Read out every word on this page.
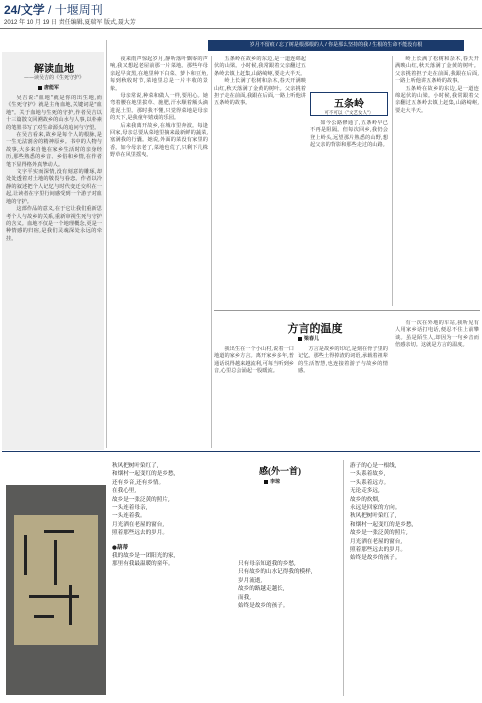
24/文学 / 十堰周刊
2012 年 10 月 19 日 责任编辑,夏瑞军 版式,聂大芳
岁月不留痕 / 忘了树是根那根的人 / 你是那么坚持的我 / 生根的生命不能没有根
解读血地
——读吴吉的《生死守护》
唐能军

吴吉说:"血地"就是你的出生地,而《生死守护》就是主角血地,关键词是"血地"。关于血地与生死的守护,作者吴吉以十三篇散文回溯故乡的山水与人事,以朴素的笔墨书写了对生命源头的追问与守望。

在吴吉看来,故乡是每个人的根脉,是一生无法割舍的精神原乡。书中的人物与故事,大多来自他在家乡生活时的亲身经历,那些熟悉的乡音、乡俗和乡情,在作者笔下显得格外真挚动人。

文字平实而深情,没有刻意的雕琢,却处处透着对土地的敬畏与眷恋。作者以冷静的叙述把个人记忆与时代变迁交织在一起,让读者在字里行间感受到一个游子对血地的守护。

这部作品的意义,在于它让我们重新思考个人与故乡的关系,重新审视生死与守护的含义。血地不仅是一个地理概念,更是一种情感的归宿,是我们灵魂深处永远的牵挂。

夜来雨声惊起岁月,静听落叶飘零的声响,我又想起老屋前那一片菜地。那些年母亲起早贪黑,在地里种下白菜、萝卜和豆角,每到秋收时节,菜地里总是一片丰收的景象。

母亲常说,种菜和做人一样,要用心。她弯着腰在地里拔草、施肥,汗水顺着额头滴进泥土里。那时我不懂,只觉得菜地是母亲的天下,是我童年嬉戏的乐园。

后来我离开故乡,在城市里奔波。每逢回家,母亲总要从菜地里摘来最新鲜的蔬菜,塞满我的行囊。她说,外面的菜没有家里的香。如今母亲老了,菜地也荒了,只剩下几株野草在风里摇曳。

五条岭在故乡的东边,是一道连绵起伏的山梁。小时候,我常跟着父亲翻过五条岭去镇上赶集,山路崎岖,要走大半天。

岭上长满了松树和杂木,春天开满映山红,秋天落满了金黄的树叶。父亲挑着担子走在前面,我跟在后面,一路上听他讲五条岭的故事。	五条岭
可不可以〈"文艺女人"〉

如今公路修通了,五条岭早已不再是阻隔。但每次回乡,我仍会登上岭头,远望那片熟悉的山野,想起父亲的背影和那些走过的山路。

岭上长满了松树和杂木,春天开满映山红,秋天落满了金黄的树叶。父亲挑着担子走在前面,我跟在后面,一路上听他讲五条岭的故事。

五条岭在故乡的东边,是一道连绵起伏的山梁。小时候,我常跟着父亲翻过五条岭去镇上赶集,山路崎岖,要走大半天。

方言的温度
梁春儿

我出生在一个小山村,说着一口地道的家乡方言。离开家乡多年,普通话说得越来越流利,可每当听到乡音,心里总会涌起一股暖流。

方言是故乡的印记,是刻在骨子里的记忆。那些土得掉渣的词语,承载着祖辈的生活智慧,也连接着游子与故乡的情感。

有一次在外地的车站,我听见有人用家乡话打电话,便忍不住上前攀谈。虽是陌生人,却因为一句乡音而倍感亲切。这就是方言的温度。

秋风把树叶染红了,
和烟村一起变红的是乡愁,
还有乡音,还有乡情。
在我心里,
故乡是一张泛黄的照片,
一头连着母亲,
一头连着我。
月光洒在老屋的窗台,
照着那些远去的岁月。
●葫蒂
我的故乡是一团阳光的家,
那里有我最温暖的童年。
感(外一首)
李琼
只有母亲知道我的乡愁,
只有故乡的山水记得我的模样,
岁月流逝,
故乡的路越走越长,
而我,
始终是故乡的孩子。
游子的心是一根线,
一头系着故乡,
一头系着远方。
无论走多远,
故乡的炊烟,
永远是回家的方向。
秋风把树叶染红了,
和烟村一起变红的是乡愁,
故乡是一张泛黄的照片,
月光洒在老屋的窗台,
照着那些远去的岁月。
始终是故乡的孩子。
